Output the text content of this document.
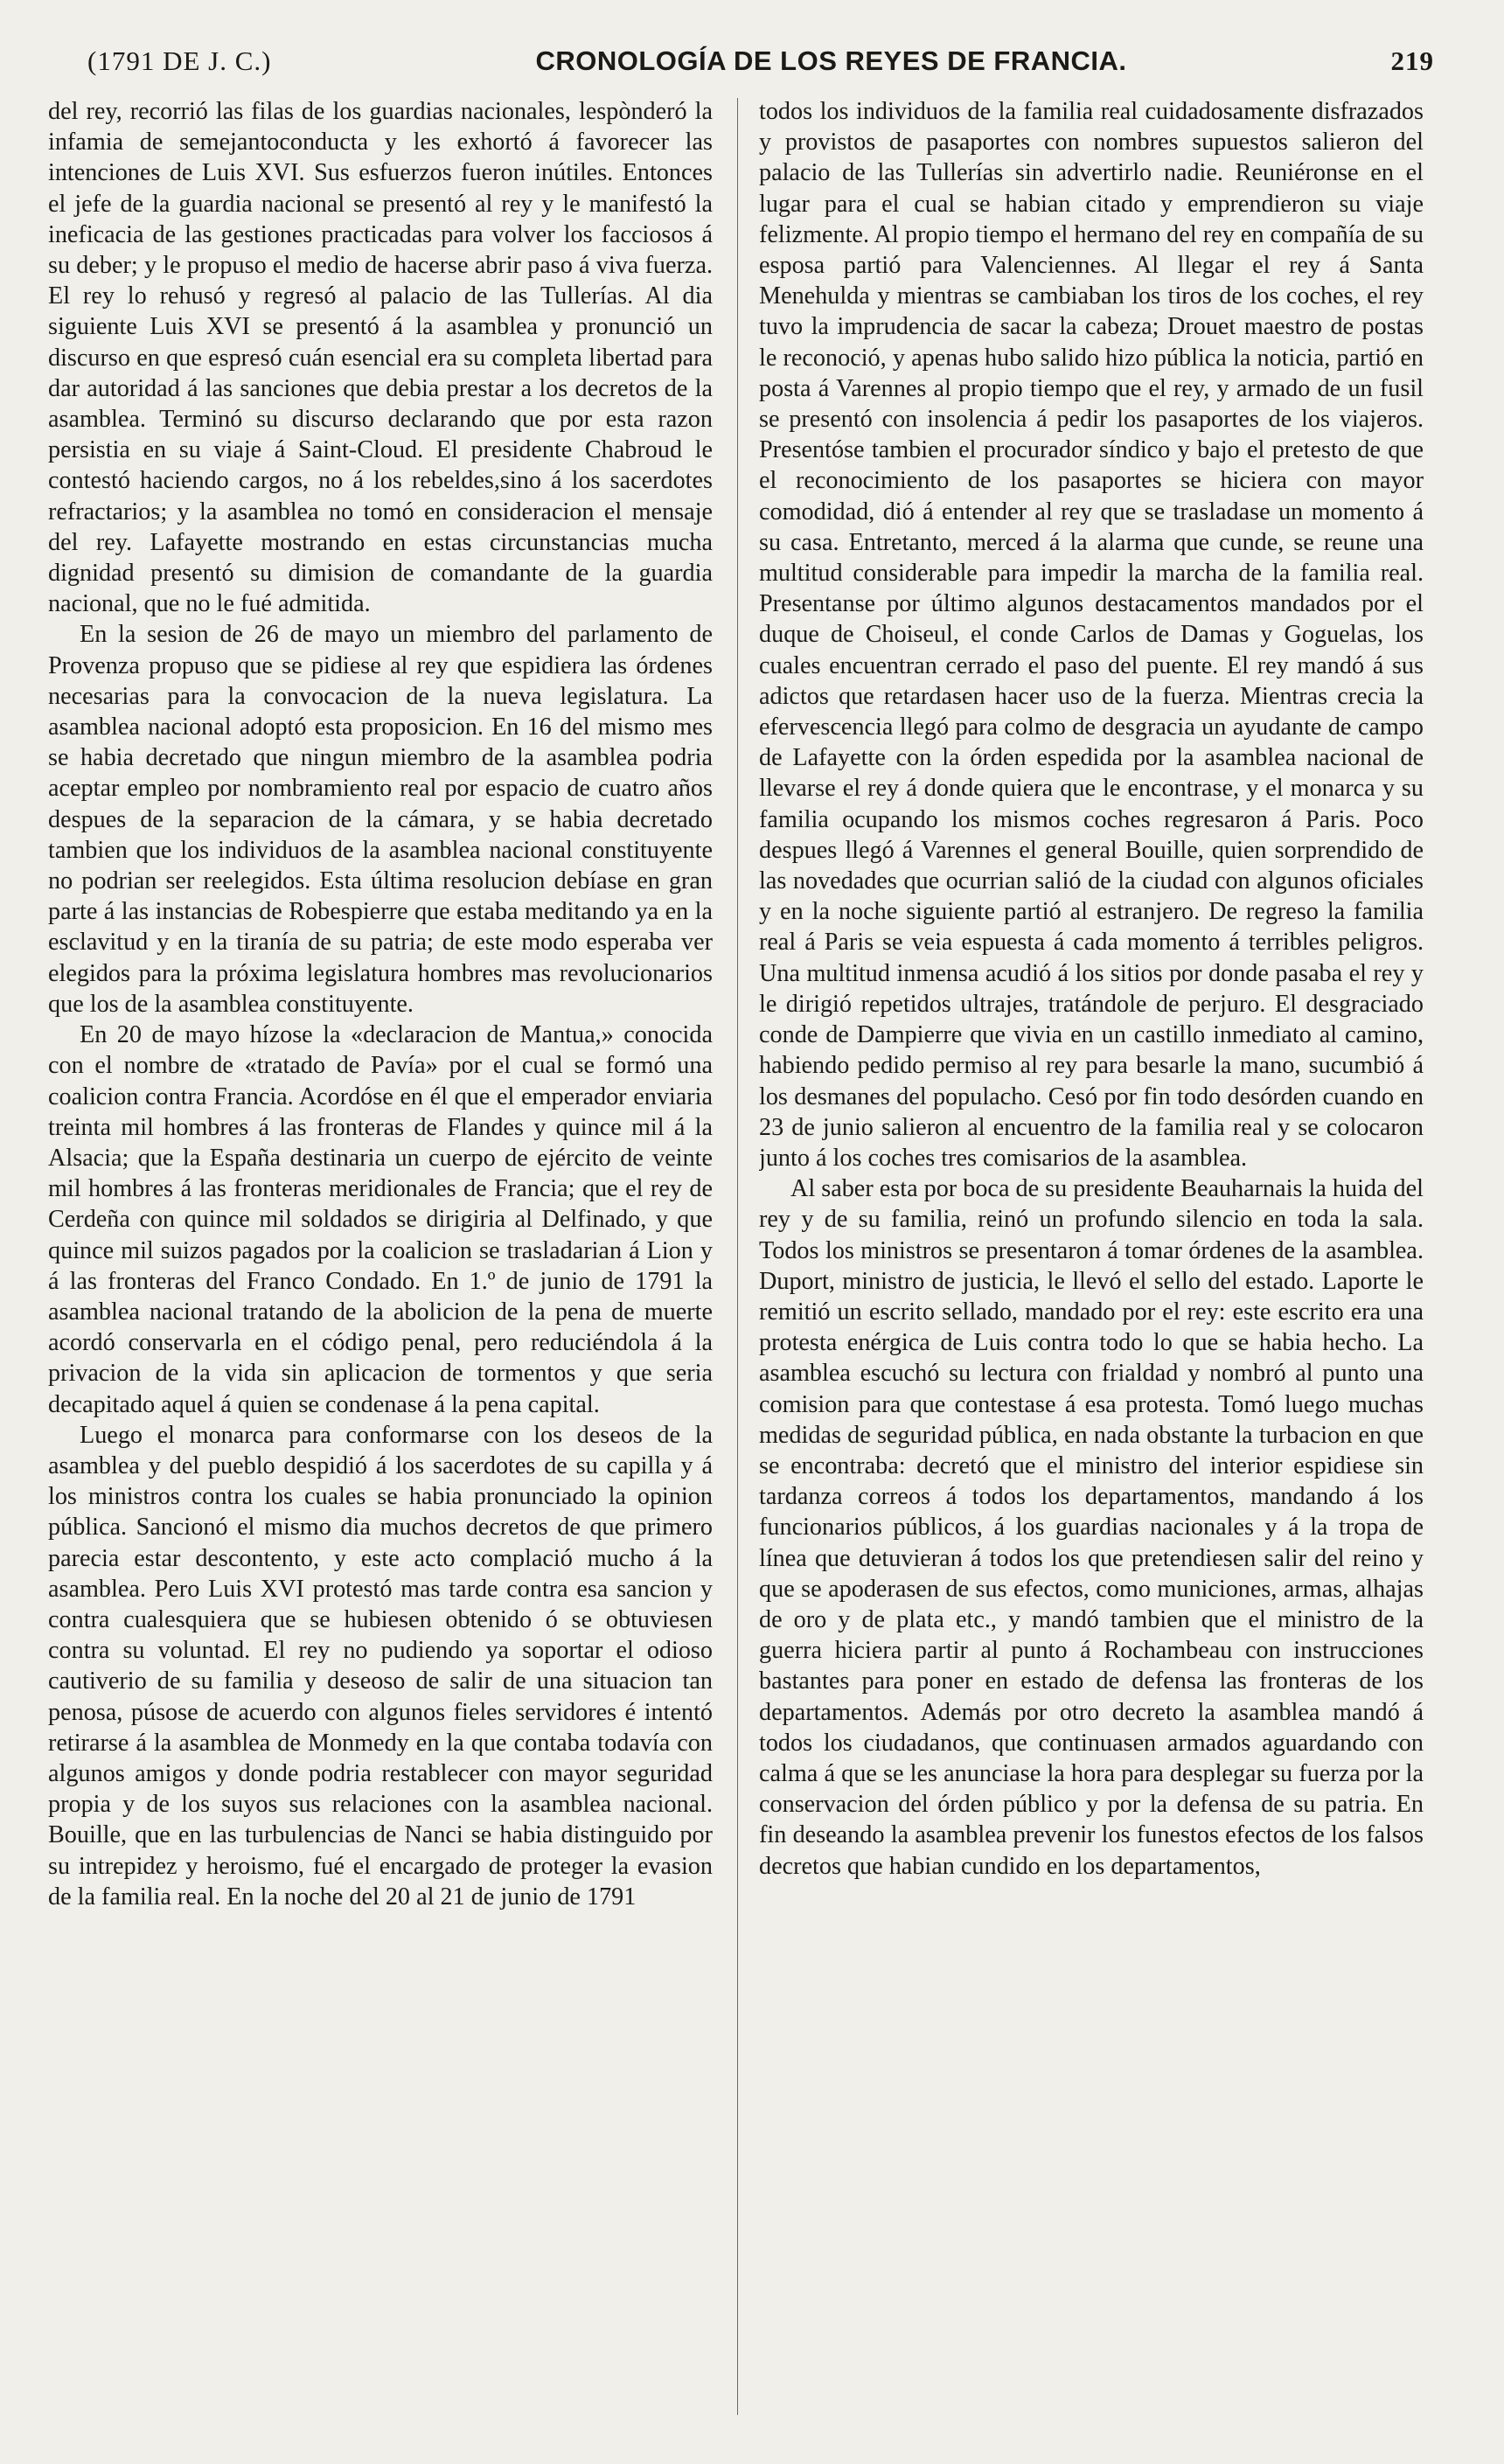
(1791 DE J. C.)	CRONOLOGÍA DE LOS REYES DE FRANCIA.	219

del rey, recorrió las filas de los guardias nacionales, lespònderó la infamia de semejantoconducta y les exhortó á favorecer las intenciones de Luis XVI. Sus esfuerzos fueron inútiles. Entonces el jefe de la guardia nacional se presentó al rey y le manifestó la ineficacia de las gestiones practicadas para volver los facciosos á su deber; y le propuso el medio de hacerse abrir paso á viva fuerza. El rey lo rehusó y regresó al palacio de las Tullerías. Al dia siguiente Luis XVI se presentó á la asamblea y pronunció un discurso en que espresó cuán esencial era su completa libertad para dar autoridad á las sanciones que debia prestar a los decretos de la asamblea. Terminó su discurso declarando que por esta razon persistia en su viaje á Saint-Cloud. El presidente Chabroud le contestó haciendo cargos, no á los rebeldes,sino á los sacerdotes refractarios; y la asamblea no tomó en consideracion el mensaje del rey. Lafayette mostrando en estas circunstancias mucha dignidad presentó su dimision de comandante de la guardia nacional, que no le fué admitida.

En la sesion de 26 de mayo un miembro del parlamento de Provenza propuso que se pidiese al rey que espidiera las órdenes necesarias para la convocacion de la nueva legislatura. La asamblea nacional adoptó esta proposicion. En 16 del mismo mes se habia decretado que ningun miembro de la asamblea podria aceptar empleo por nombramiento real por espacio de cuatro años despues de la separacion de la cámara, y se habia decretado tambien que los individuos de la asamblea nacional constituyente no podrian ser reelegidos. Esta última resolucion debíase en gran parte á las instancias de Robespierre que estaba meditando ya en la esclavitud y en la tiranía de su patria; de este modo esperaba ver elegidos para la próxima legislatura hombres mas revolucionarios que los de la asamblea constituyente.

En 20 de mayo hízose la «declaracion de Mantua,» conocida con el nombre de «tratado de Pavía» por el cual se formó una coalicion contra Francia. Acordóse en él que el emperador enviaria treinta mil hombres á las fronteras de Flandes y quince mil á la Alsacia; que la España destinaria un cuerpo de ejército de veinte mil hombres á las fronteras meridionales de Francia; que el rey de Cerdeña con quince mil soldados se dirigiria al Delfinado, y que quince mil suizos pagados por la coalicion se trasladarian á Lion y á las fronteras del Franco Condado. En 1.º de junio de 1791 la asamblea nacional tratando de la abolicion de la pena de muerte acordó conservarla en el código penal, pero reduciéndola á la privacion de la vida sin aplicacion de tormentos y que seria decapitado aquel á quien se condenase á la pena capital.

Luego el monarca para conformarse con los deseos de la asamblea y del pueblo despidió á los sacerdotes de su capilla y á los ministros contra los cuales se habia pronunciado la opinion pública. Sancionó el mismo dia muchos decretos de que primero parecia estar descontento, y este acto complació mucho á la asamblea. Pero Luis XVI protestó mas tarde contra esa sancion y contra cualesquiera que se hubiesen obtenido ó se obtuviesen contra su voluntad. El rey no pudiendo ya soportar el odioso cautiverio de su familia y deseoso de salir de una situacion tan penosa, púsose de acuerdo con algunos fieles servidores é intentó retirarse á la asamblea de Monmedy en la que contaba todavía con algunos amigos y donde podria restablecer con mayor seguridad propia y de los suyos sus relaciones con la asamblea nacional. Bouille, que en las turbulencias de Nanci se habia distinguido por su intrepidez y heroismo, fué el encargado de proteger la evasion de la familia real. En la noche del 20 al 21 de junio de 1791

todos los individuos de la familia real cuidadosamente disfrazados y provistos de pasaportes con nombres supuestos salieron del palacio de las Tullerías sin advertirlo nadie. Reuniéronse en el lugar para el cual se habian citado y emprendieron su viaje felizmente. Al propio tiempo el hermano del rey en compañía de su esposa partió para Valenciennes. Al llegar el rey á Santa Menehulda y mientras se cambiaban los tiros de los coches, el rey tuvo la imprudencia de sacar la cabeza; Drouet maestro de postas le reconoció, y apenas hubo salido hizo pública la noticia, partió en posta á Varennes al propio tiempo que el rey, y armado de un fusil se presentó con insolencia á pedir los pasaportes de los viajeros. Presentóse tambien el procurador síndico y bajo el pretesto de que el reconocimiento de los pasaportes se hiciera con mayor comodidad, dió á entender al rey que se trasladase un momento á su casa. Entretanto, merced á la alarma que cunde, se reune una multitud considerable para impedir la marcha de la familia real. Presentanse por último algunos destacamentos mandados por el duque de Choiseul, el conde Carlos de Damas y Goguelas, los cuales encuentran cerrado el paso del puente. El rey mandó á sus adictos que retardasen hacer uso de la fuerza. Mientras crecia la efervescencia llegó para colmo de desgracia un ayudante de campo de Lafayette con la órden espedida por la asamblea nacional de llevarse el rey á donde quiera que le encontrase, y el monarca y su familia ocupando los mismos coches regresaron á Paris. Poco despues llegó á Varennes el general Bouille, quien sorprendido de las novedades que ocurrian salió de la ciudad con algunos oficiales y en la noche siguiente partió al estranjero. De regreso la familia real á Paris se veia espuesta á cada momento á terribles peligros. Una multitud inmensa acudió á los sitios por donde pasaba el rey y le dirigió repetidos ultrajes, tratándole de perjuro. El desgraciado conde de Dampierre que vivia en un castillo inmediato al camino, habiendo pedido permiso al rey para besarle la mano, sucumbió á los desmanes del populacho. Cesó por fin todo desórden cuando en 23 de junio salieron al encuentro de la familia real y se colocaron junto á los coches tres comisarios de la asamblea.

Al saber esta por boca de su presidente Beauharnais la huida del rey y de su familia, reinó un profundo silencio en toda la sala. Todos los ministros se presentaron á tomar órdenes de la asamblea. Duport, ministro de justicia, le llevó el sello del estado. Laporte le remitió un escrito sellado, mandado por el rey: este escrito era una protesta enérgica de Luis contra todo lo que se habia hecho. La asamblea escuchó su lectura con frialdad y nombró al punto una comision para que contestase á esa protesta. Tomó luego muchas medidas de seguridad pública, en nada obstante la turbacion en que se encontraba: decretó que el ministro del interior espidiese sin tardanza correos á todos los departamentos, mandando á los funcionarios públicos, á los guardias nacionales y á la tropa de línea que detuvieran á todos los que pretendiesen salir del reino y que se apoderasen de sus efectos, como municiones, armas, alhajas de oro y de plata etc., y mandó tambien que el ministro de la guerra hiciera partir al punto á Rochambeau con instrucciones bastantes para poner en estado de defensa las fronteras de los departamentos. Además por otro decreto la asamblea mandó á todos los ciudadanos, que continuasen armados aguardando con calma á que se les anunciase la hora para desplegar su fuerza por la conservacion del órden público y por la defensa de su patria. En fin deseando la asamblea prevenir los funestos efectos de los falsos decretos que habian cundido en los departamentos,
